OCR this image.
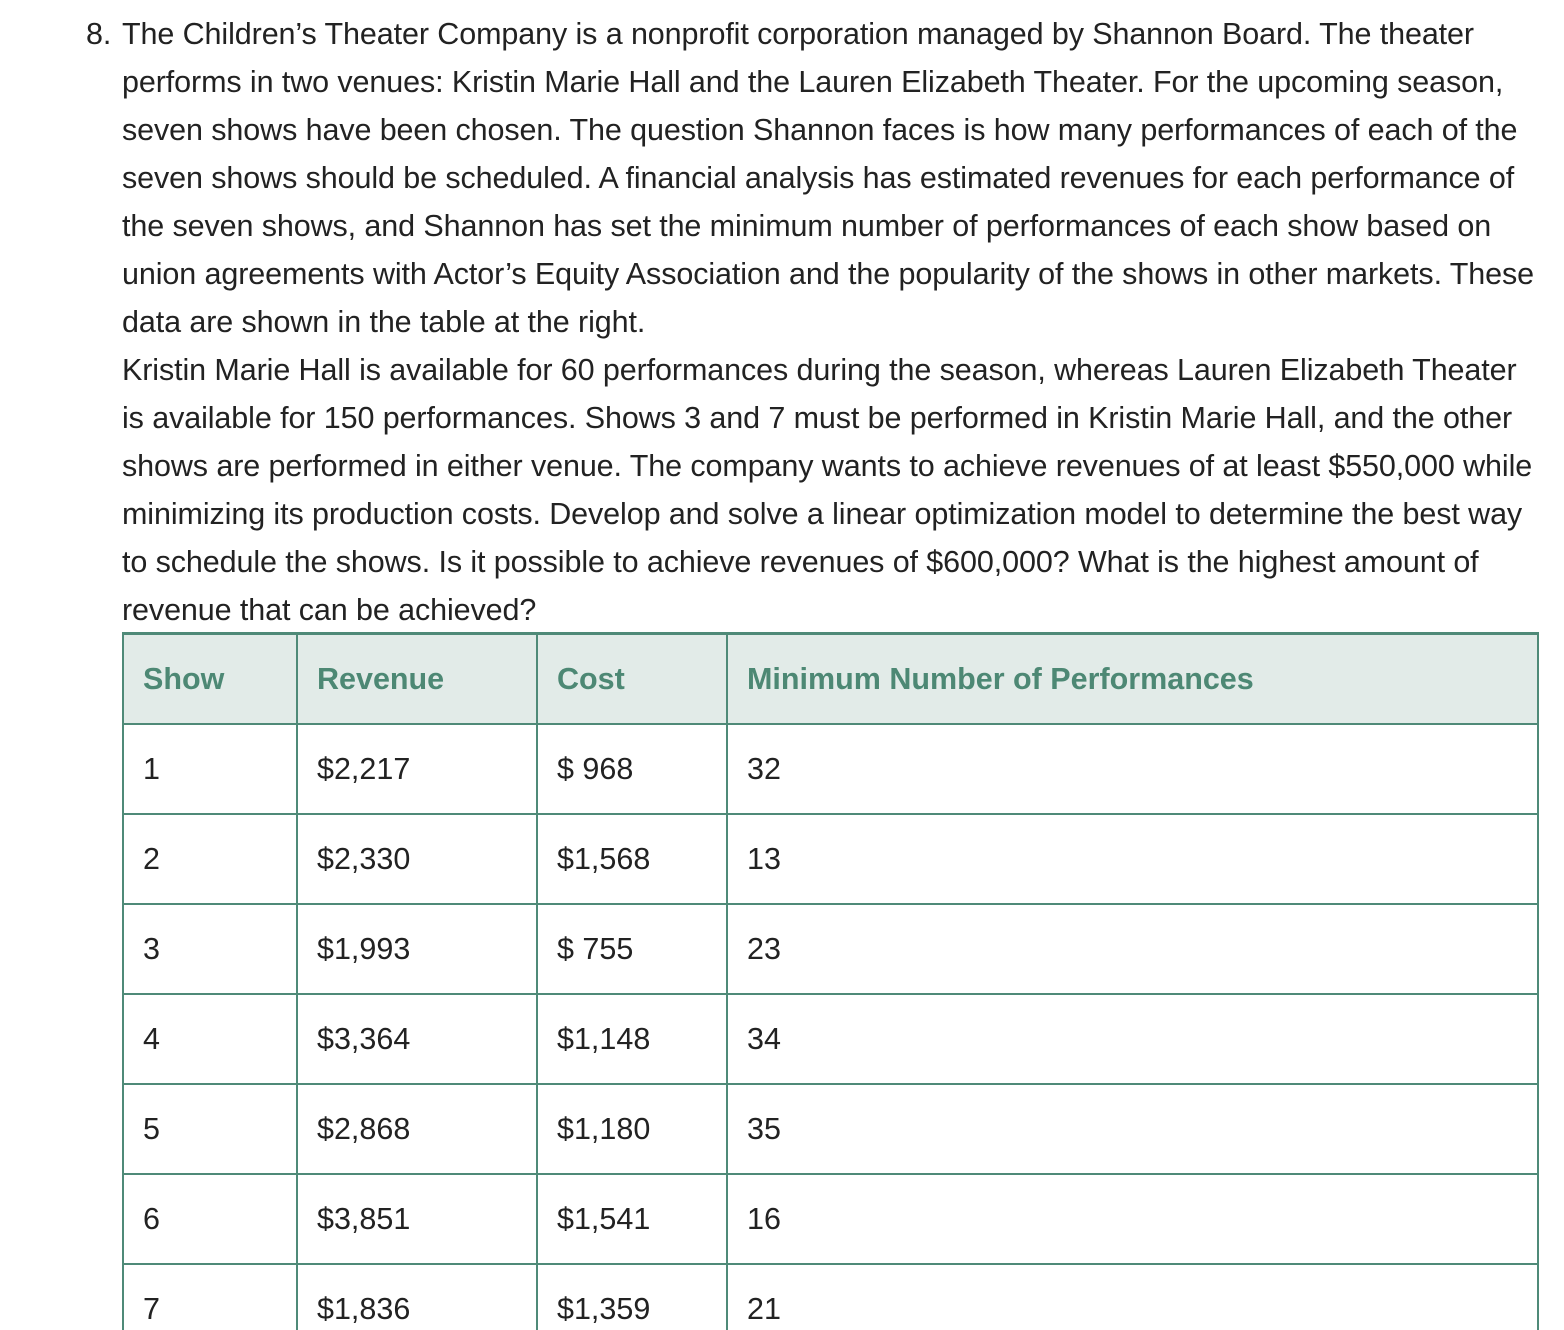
8. The Children’s Theater Company is a nonprofit corporation managed by Shannon Board. The theater performs in two venues: Kristin Marie Hall and the Lauren Elizabeth Theater. For the upcoming season, seven shows have been chosen. The question Shannon faces is how many performances of each of the seven shows should be scheduled. A financial analysis has estimated revenues for each performance of the seven shows, and Shannon has set the minimum number of performances of each show based on union agreements with Actor’s Equity Association and the popularity of the shows in other markets. These data are shown in the table at the right.

Kristin Marie Hall is available for 60 performances during the season, whereas Lauren Elizabeth Theater is available for 150 performances. Shows 3 and 7 must be performed in Kristin Marie Hall, and the other shows are performed in either venue. The company wants to achieve revenues of at least $550,000 while minimizing its production costs. Develop and solve a linear optimization model to determine the best way to schedule the shows. Is it possible to achieve revenues of $600,000? What is the highest amount of revenue that can be achieved?

Show	Revenue	Cost	Minimum Number of Performances
1	$2,217	$ 968	32
2	$2,330	$1,568	13
3	$1,993	$ 755	23
4	$3,364	$1,148	34
5	$2,868	$1,180	35
6	$3,851	$1,541	16
7	$1,836	$1,359	21
